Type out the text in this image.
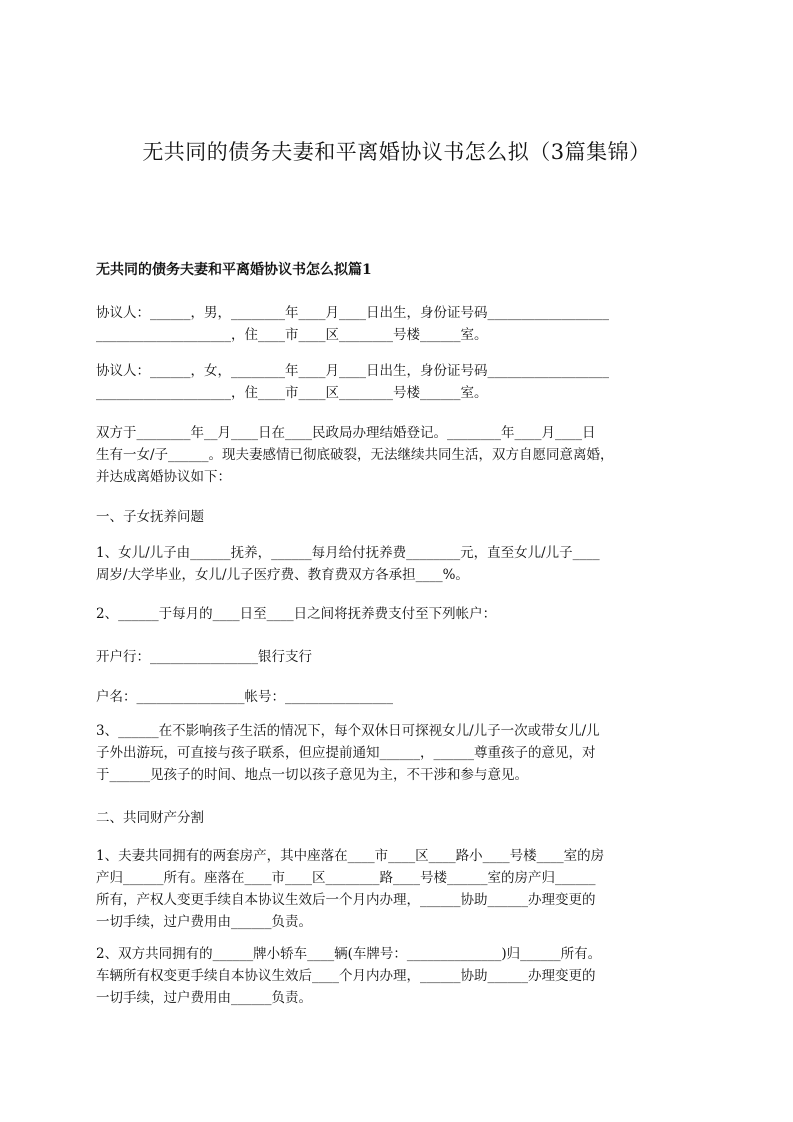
无共同的债务夫妻和平离婚协议书怎么拟（3篇集锦）
无共同的债务夫妻和平离婚协议书怎么拟篇1
协议人：______，男，________年____月____日出生，身份证号码__________________
____________________，住____市____区________号楼______室。
协议人：______，女，________年____月____日出生，身份证号码__________________
____________________，住____市____区________号楼______室。
双方于________年__月____日在____民政局办理结婚登记。________年____月____日
生有一女/子______。现夫妻感情已彻底破裂，无法继续共同生活，双方自愿同意离婚，
并达成离婚协议如下：
一、子女抚养问题
1、女儿/儿子由______抚养，______每月给付抚养费________元，直至女儿/儿子____
周岁/大学毕业，女儿/儿子医疗费、教育费双方各承担____%。
2、______于每月的____日至____日之间将抚养费支付至下列帐户：
开户行：________________银行支行
户名：________________帐号：________________
3、______在不影响孩子生活的情况下，每个双休日可探视女儿/儿子一次或带女儿/儿
子外出游玩，可直接与孩子联系，但应提前通知______，______尊重孩子的意见，对
于______见孩子的时间、地点一切以孩子意见为主，不干涉和参与意见。
二、共同财产分割
1、夫妻共同拥有的两套房产，其中座落在____市____区____路小____号楼____室的房
产归______所有。座落在____市____区________路____号楼______室的房产归______
所有，产权人变更手续自本协议生效后一个月内办理，______协助______办理变更的
一切手续，过户费用由______负责。
2、双方共同拥有的______牌小轿车____辆(车牌号：______________)归______所有。
车辆所有权变更手续自本协议生效后____个月内办理，______协助______办理变更的
一切手续，过户费用由______负责。
